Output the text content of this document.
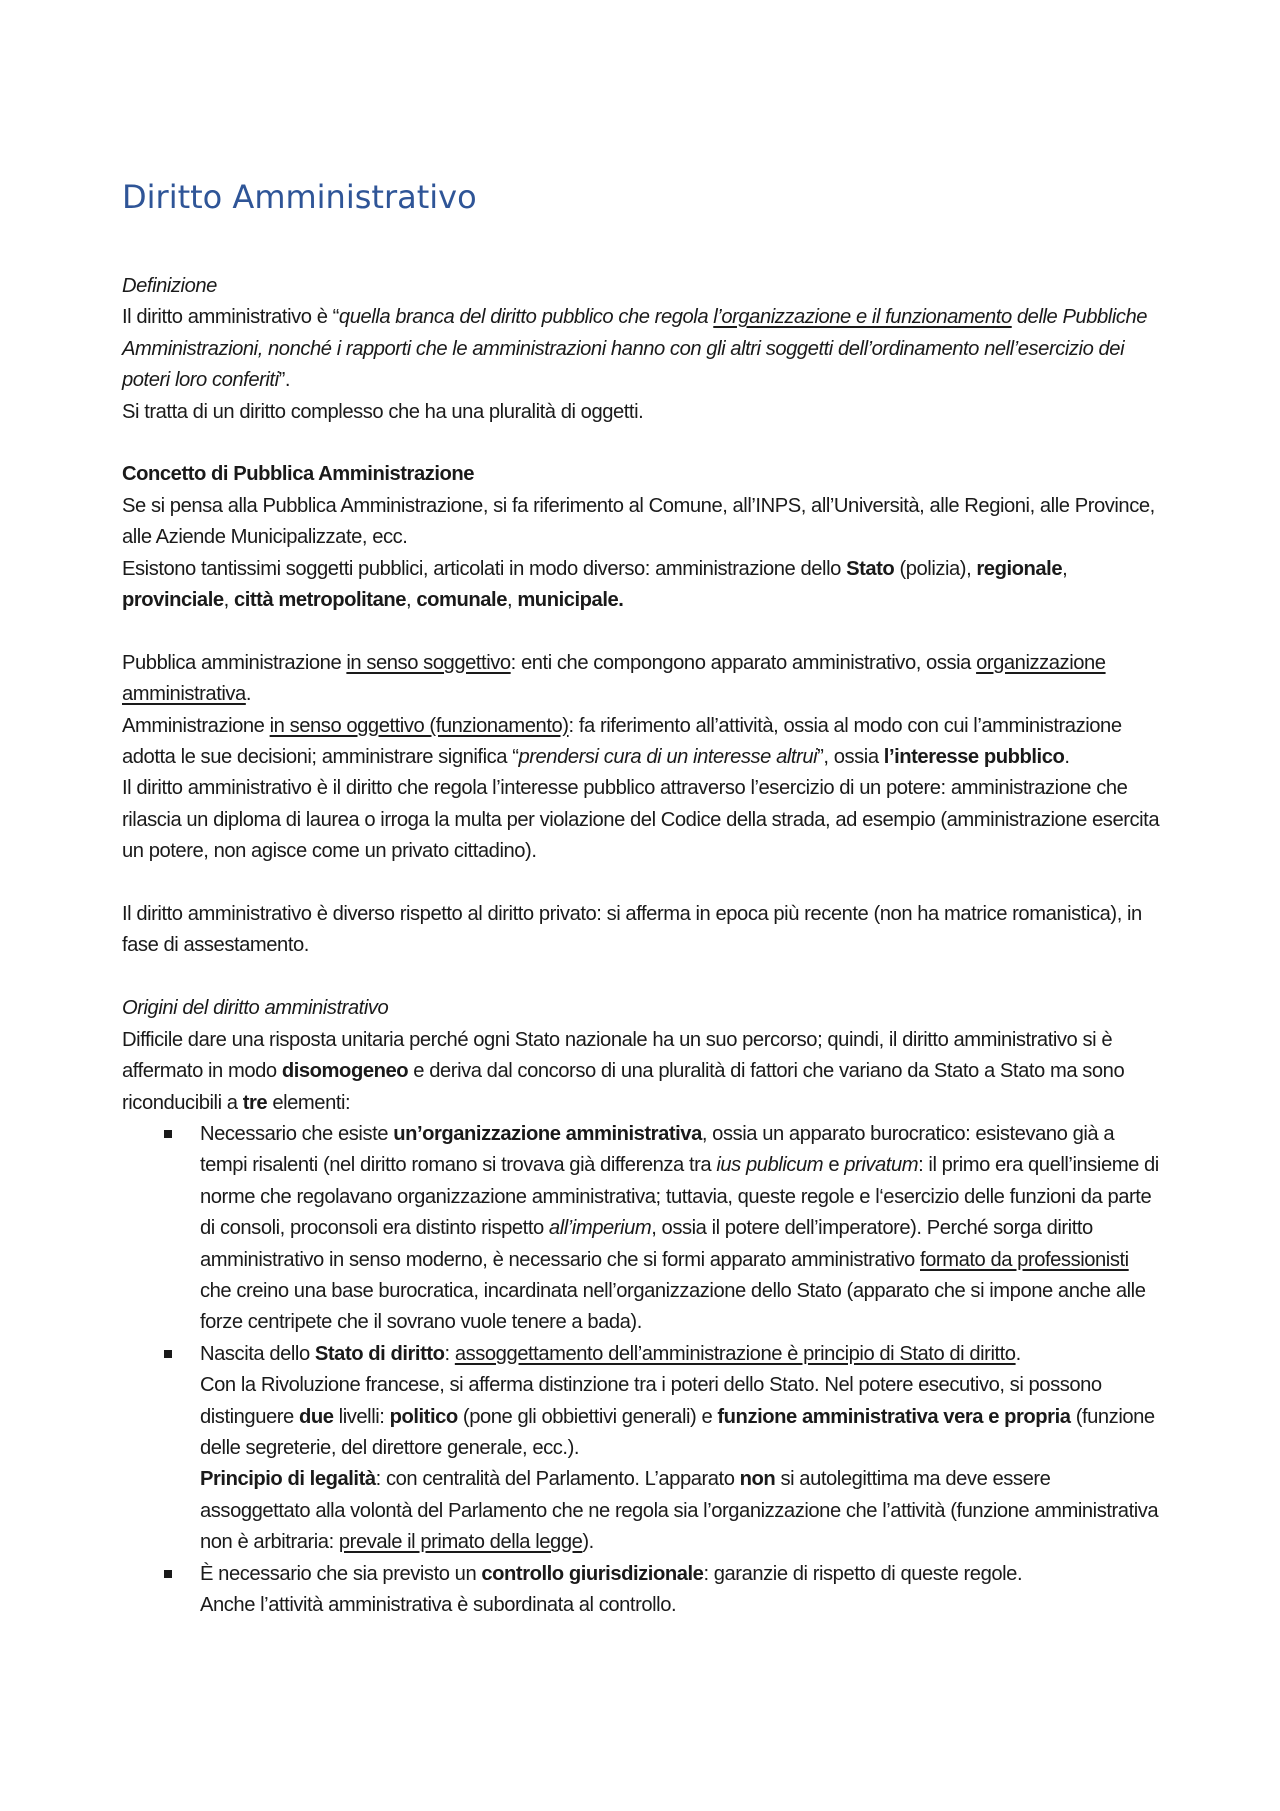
Diritto Amministrativo

Definizione

Il diritto amministrativo è “quella branca del diritto pubblico che regola l’organizzazione e il funzionamento delle Pubbliche Amministrazioni, nonché i rapporti che le amministrazioni hanno con gli altri soggetti dell’ordinamento nell’esercizio dei poteri loro conferiti”.

Si tratta di un diritto complesso che ha una pluralità di oggetti.

Concetto di Pubblica Amministrazione

Se si pensa alla Pubblica Amministrazione, si fa riferimento al Comune, all’INPS, all’Università, alle Regioni, alle Province, alle Aziende Municipalizzate, ecc.

Esistono tantissimi soggetti pubblici, articolati in modo diverso: amministrazione dello Stato (polizia), regionale, provinciale, città metropolitane, comunale, municipale.

Pubblica amministrazione in senso soggettivo: enti che compongono apparato amministrativo, ossia organizzazione amministrativa.

Amministrazione in senso oggettivo (funzionamento): fa riferimento all’attività, ossia al modo con cui l’amministrazione adotta le sue decisioni; amministrare significa “prendersi cura di un interesse altrui”, ossia l’interesse pubblico.

Il diritto amministrativo è il diritto che regola l’interesse pubblico attraverso l’esercizio di un potere: amministrazione che rilascia un diploma di laurea o irroga la multa per violazione del Codice della strada, ad esempio (amministrazione esercita un potere, non agisce come un privato cittadino).

Il diritto amministrativo è diverso rispetto al diritto privato: si afferma in epoca più recente (non ha matrice romanistica), in fase di assestamento.

Origini del diritto amministrativo

Difficile dare una risposta unitaria perché ogni Stato nazionale ha un suo percorso; quindi, il diritto amministrativo si è affermato in modo disomogeneo e deriva dal concorso di una pluralità di fattori che variano da Stato a Stato ma sono riconducibili a tre elementi:

Necessario che esiste un’organizzazione amministrativa, ossia un apparato burocratico: esistevano già a tempi risalenti (nel diritto romano si trovava già differenza tra ius publicum e privatum: il primo era quell’insieme di norme che regolavano organizzazione amministrativa; tuttavia, queste regole e l‘esercizio delle funzioni da parte di consoli, proconsoli era distinto rispetto all’imperium, ossia il potere dell’imperatore). Perché sorga diritto amministrativo in senso moderno, è necessario che si formi apparato amministrativo formato da professionisti che creino una base burocratica, incardinata nell’organizzazione dello Stato (apparato che si impone anche alle forze centripete che il sovrano vuole tenere a bada).

Nascita dello Stato di diritto: assoggettamento dell’amministrazione è principio di Stato di diritto.

Con la Rivoluzione francese, si afferma distinzione tra i poteri dello Stato. Nel potere esecutivo, si possono distinguere due livelli: politico (pone gli obbiettivi generali) e funzione amministrativa vera e propria (funzione delle segreterie, del direttore generale, ecc.).

Principio di legalità: con centralità del Parlamento. L’apparato non si autolegittima ma deve essere assoggettato alla volontà del Parlamento che ne regola sia l’organizzazione che l’attività (funzione amministrativa non è arbitraria: prevale il primato della legge).

È necessario che sia previsto un controllo giurisdizionale: garanzie di rispetto di queste regole.

Anche l’attività amministrativa è subordinata al controllo.
